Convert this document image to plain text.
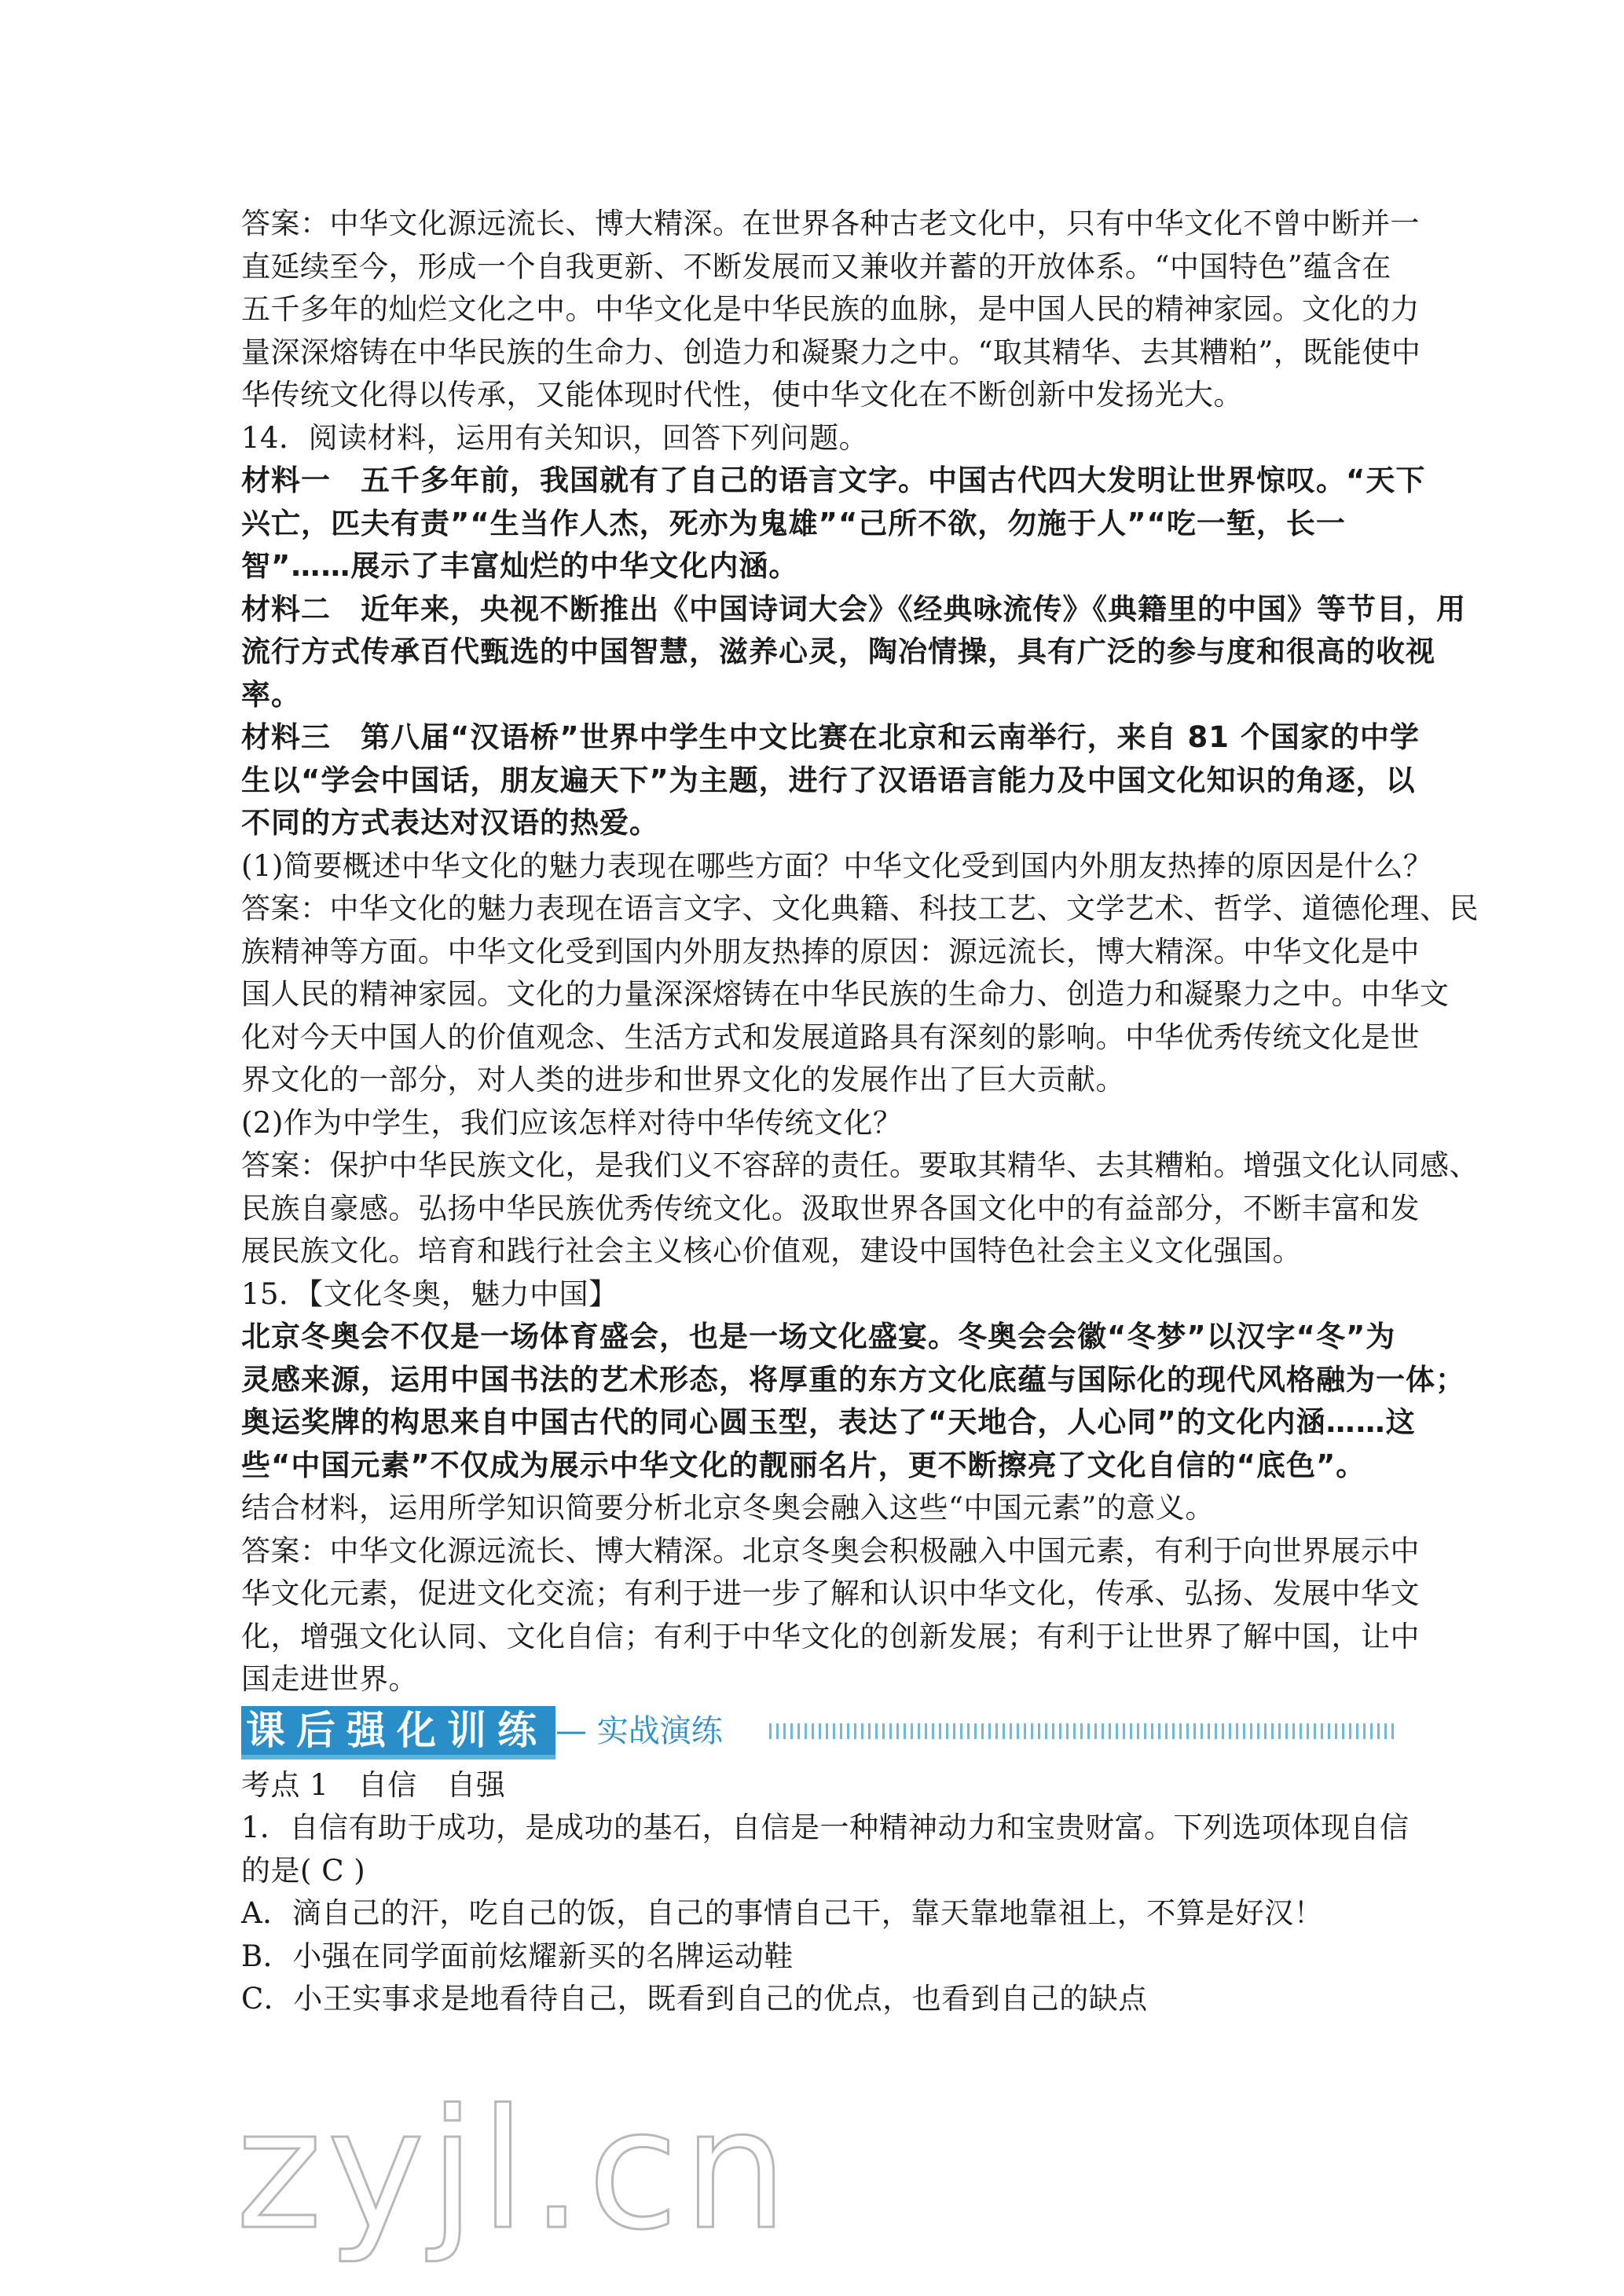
答案：中华文化源远流长、博大精深。在世界各种古老文化中，只有中华文化不曾中断并一
直延续至今，形成一个自我更新、不断发展而又兼收并蓄的开放体系。“中国特色”蕴含在
五千多年的灿烂文化之中。中华文化是中华民族的血脉，是中国人民的精神家园。文化的力
量深深熔铸在中华民族的生命力、创造力和凝聚力之中。“取其精华、去其糟粕”，既能使中
华传统文化得以传承，又能体现时代性，使中华文化在不断创新中发扬光大。
14．阅读材料，运用有关知识，回答下列问题。
材料一　五千多年前，我国就有了自己的语言文字。中国古代四大发明让世界惊叹。“天下
兴亡，匹夫有责”“生当作人杰，死亦为鬼雄”“己所不欲，勿施于人”“吃一堑，长一
智”……展示了丰富灿烂的中华文化内涵。
材料二　近年来，央视不断推出《中国诗词大会》《经典咏流传》《典籍里的中国》等节目，用
流行方式传承百代甄选的中国智慧，滋养心灵，陶冶情操，具有广泛的参与度和很高的收视
率。
材料三　第八届“汉语桥”世界中学生中文比赛在北京和云南举行，来自 81 个国家的中学
生以“学会中国话，朋友遍天下”为主题，进行了汉语语言能力及中国文化知识的角逐，以
不同的方式表达对汉语的热爱。
(1)简要概述中华文化的魅力表现在哪些方面？中华文化受到国内外朋友热捧的原因是什么？
答案：中华文化的魅力表现在语言文字、文化典籍、科技工艺、文学艺术、哲学、道德伦理、民
族精神等方面。中华文化受到国内外朋友热捧的原因：源远流长，博大精深。中华文化是中
国人民的精神家园。文化的力量深深熔铸在中华民族的生命力、创造力和凝聚力之中。中华文
化对今天中国人的价值观念、生活方式和发展道路具有深刻的影响。中华优秀传统文化是世
界文化的一部分，对人类的进步和世界文化的发展作出了巨大贡献。
(2)作为中学生，我们应该怎样对待中华传统文化？
答案：保护中华民族文化，是我们义不容辞的责任。要取其精华、去其糟粕。增强文化认同感、
民族自豪感。弘扬中华民族优秀传统文化。汲取世界各国文化中的有益部分，不断丰富和发
展民族文化。培育和践行社会主义核心价值观，建设中国特色社会主义文化强国。
15．【文化冬奥，魅力中国】
北京冬奥会不仅是一场体育盛会，也是一场文化盛宴。冬奥会会徽“冬梦”以汉字“冬”为
灵感来源，运用中国书法的艺术形态，将厚重的东方文化底蕴与国际化的现代风格融为一体；
奥运奖牌的构思来自中国古代的同心圆玉型，表达了“天地合，人心同”的文化内涵……这
些“中国元素”不仅成为展示中华文化的靓丽名片，更不断擦亮了文化自信的“底色”。
结合材料，运用所学知识简要分析北京冬奥会融入这些“中国元素”的意义。
答案：中华文化源远流长、博大精深。北京冬奥会积极融入中国元素，有利于向世界展示中
华文化元素，促进文化交流；有利于进一步了解和认识中华文化，传承、弘扬、发展中华文
化，增强文化认同、文化自信；有利于中华文化的创新发展；有利于让世界了解中国，让中
国走进世界。
课后强化训练 — 实战演练
考点 1　自信　自强
1．自信有助于成功，是成功的基石，自信是一种精神动力和宝贵财富。下列选项体现自信
的是( C )
A．滴自己的汗，吃自己的饭，自己的事情自己干，靠天靠地靠祖上，不算是好汉！
B．小强在同学面前炫耀新买的名牌运动鞋
C．小王实事求是地看待自己，既看到自己的优点，也看到自己的缺点
zyjl.cn
